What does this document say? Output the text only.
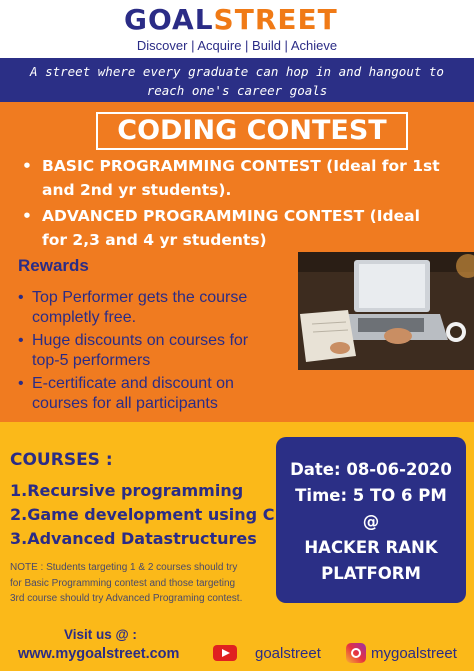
GOALSTREET
Discover | Acquire | Build | Achieve
A street where every graduate can hop in and hangout to
reach one's career goals
CODING CONTEST
• BASIC PROGRAMMING CONTEST (Ideal for 1st
and 2nd yr students).
• ADVANCED PROGRAMMING CONTEST (Ideal
for 2,3 and 4 yr students)
Rewards
• Top Performer gets the course
completly free.
• Huge discounts on courses for
top-5 performers
• E-certificate and discount on
courses for all participants
COURSES :
1.Recursive programming
2.Game development using C
3.Advanced Datastructures
NOTE : Students targeting 1 & 2 courses should try
for Basic Programming contest and those targeting
3rd course should try Advanced Programing contest.
Date: 08-06-2020
Time: 5 TO 6 PM
@
HACKER RANK
PLATFORM
Visit us @ :
www.mygoalstreet.com	goalstreet	mygoalstreet
